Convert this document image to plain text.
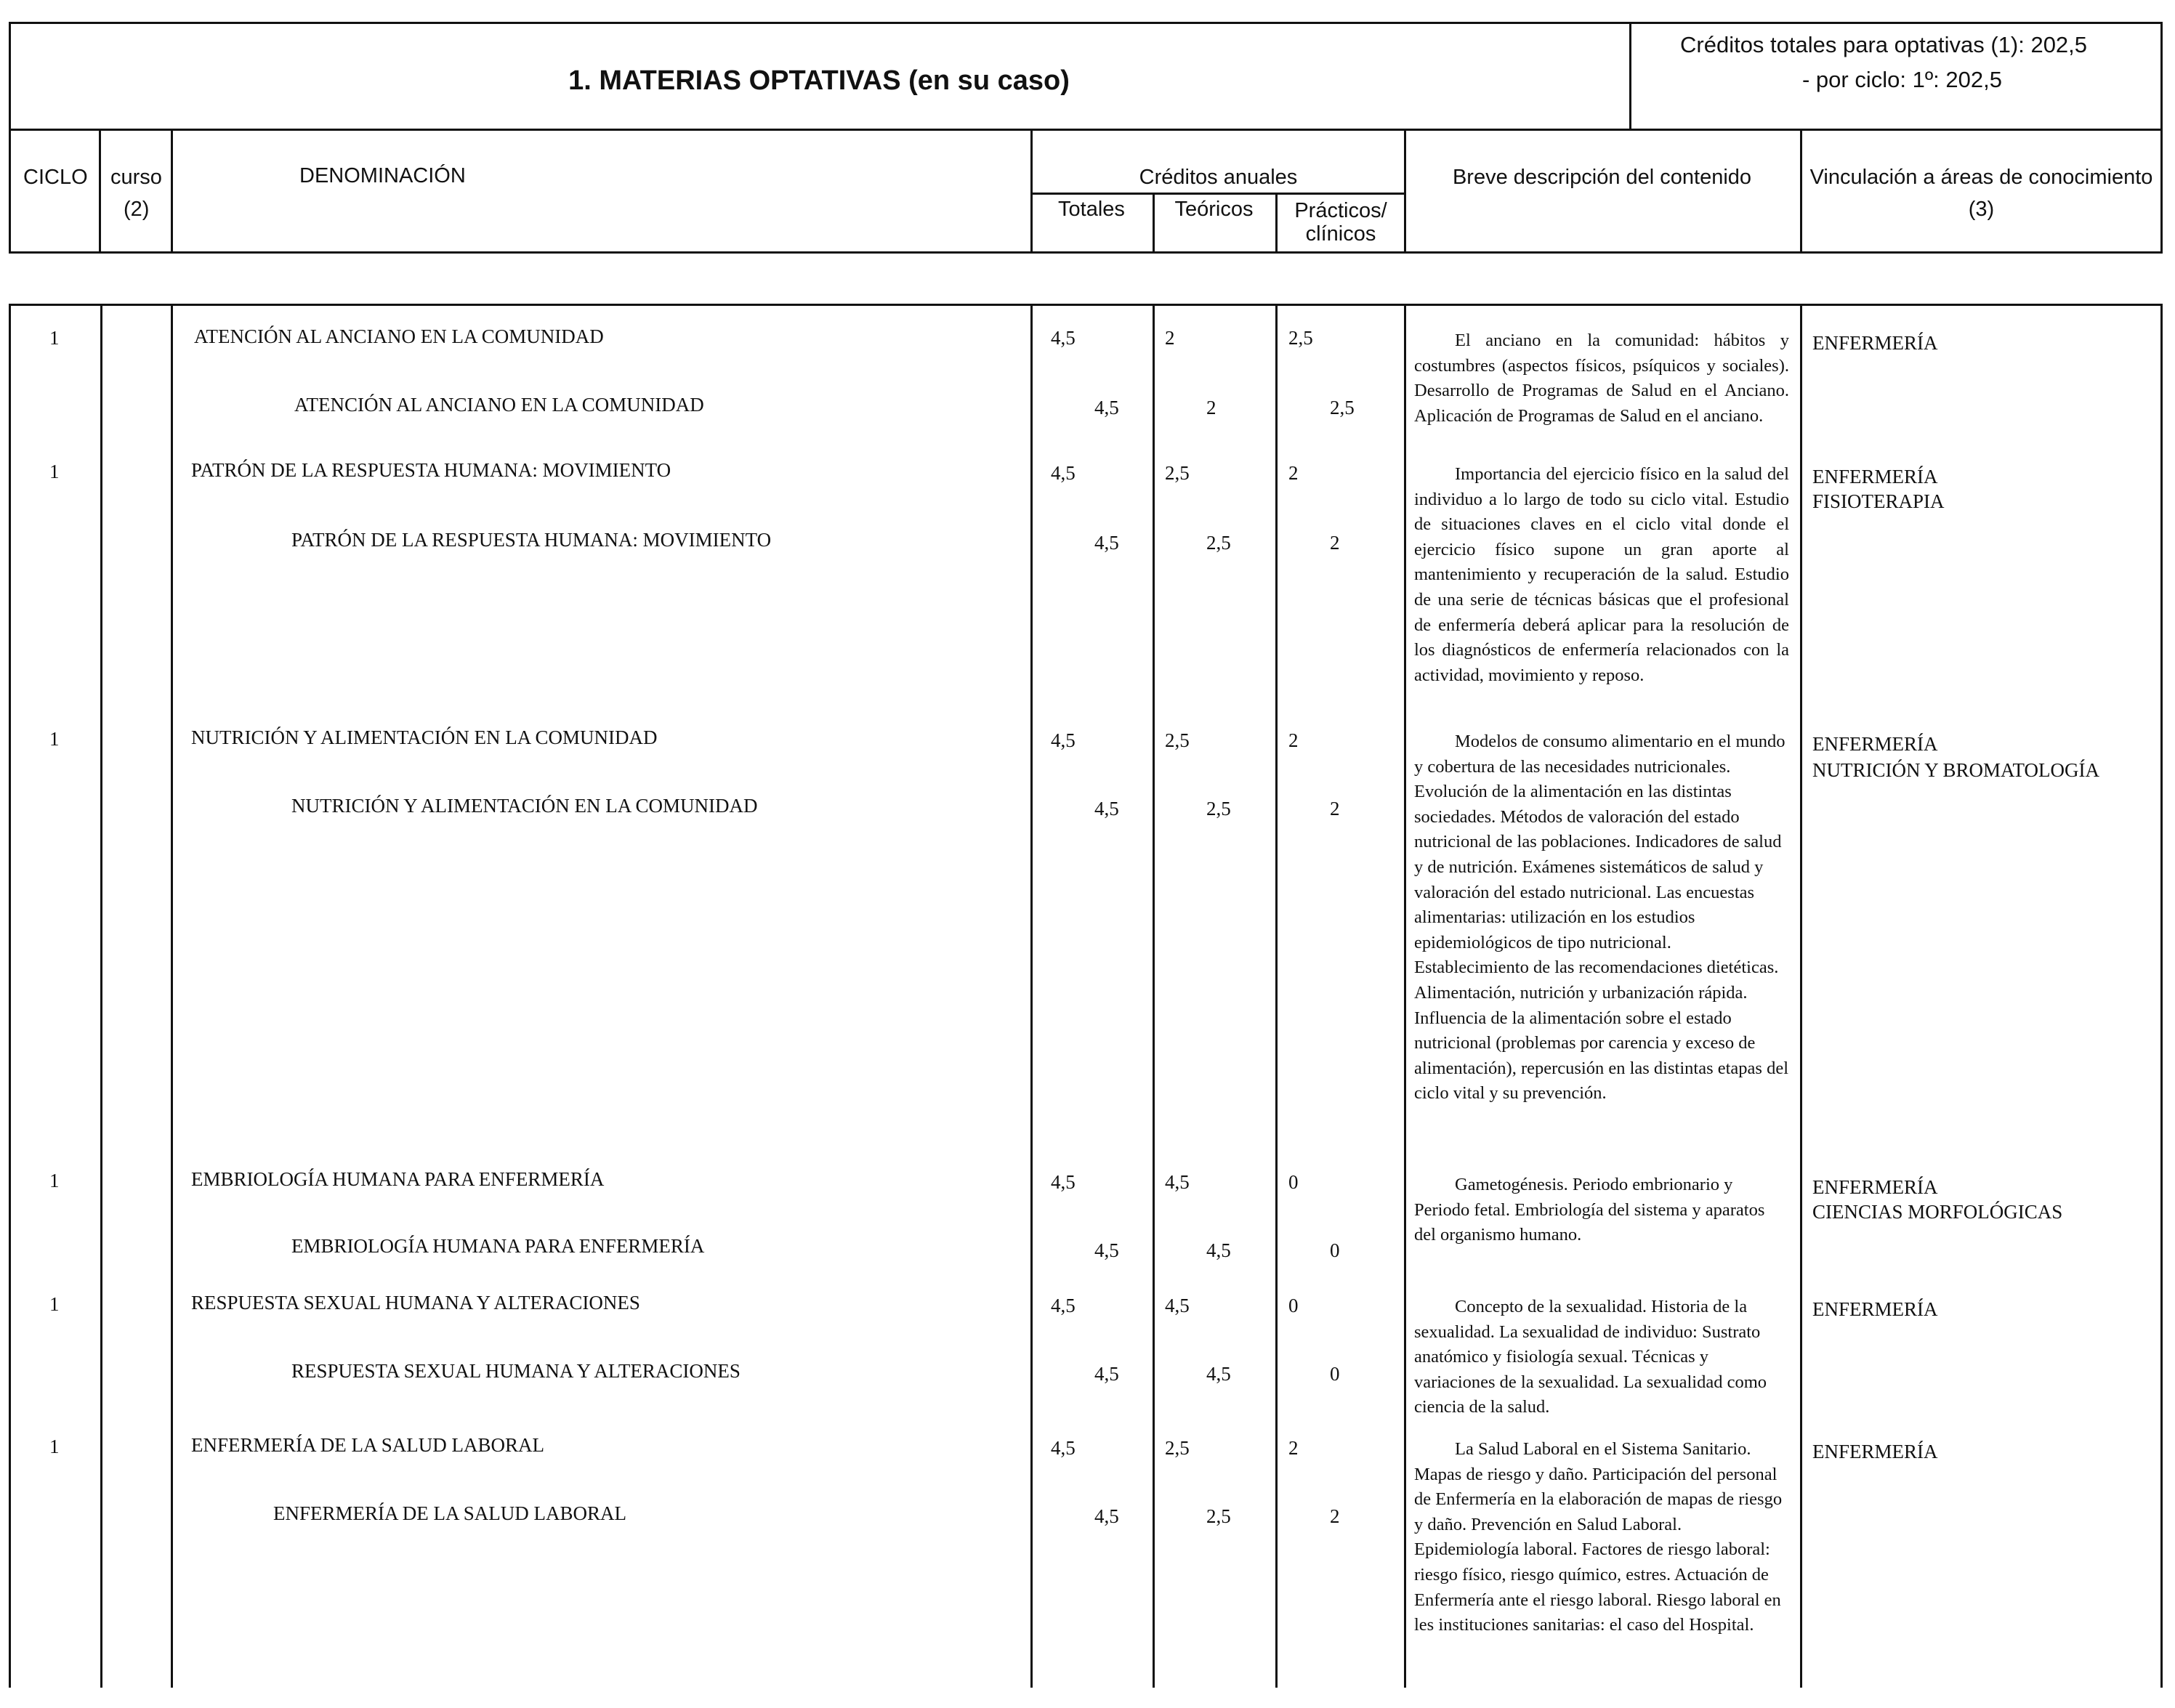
1. MATERIAS OPTATIVAS (en su caso)
Créditos totales para optativas (1): 202,5
- por ciclo: 1º: 202,5
CICLO curso
(2)
DENOMINACIÓN	Créditos anuales
Totales	Teóricos	Prácticos/
clínicos
Breve descripción del contenido	Vinculación a áreas de conocimiento
(3)
1	ATENCIÓN AL ANCIANO EN LA COMUNIDAD
ATENCIÓN AL ANCIANO EN LA COMUNIDAD
4,5	2	2,5
4,5	2	2,5
El anciano en la comunidad: hábitos y costumbres (aspectos físicos, psíquicos y sociales). Desarrollo de Programas de Salud en el Anciano. Aplicación de Programas de Salud en el anciano.
ENFERMERÍA
1	PATRÓN DE LA RESPUESTA HUMANA: MOVIMIENTO
PATRÓN DE LA RESPUESTA HUMANA: MOVIMIENTO
4,5	2,5	2
4,5	2,5	2
Importancia del ejercicio físico en la salud del individuo a lo largo de todo su ciclo vital. Estudio de situaciones claves en el ciclo vital donde el ejercicio físico supone un gran aporte al mantenimiento y recuperación de la salud. Estudio de una serie de técnicas básicas que el profesional de enfermería deberá aplicar para la resolución de los diagnósticos de enfermería relacionados con la actividad, movimiento y reposo.
ENFERMERÍA
FISIOTERAPIA
1	NUTRICIÓN Y ALIMENTACIÓN EN LA COMUNIDAD
NUTRICIÓN Y ALIMENTACIÓN EN LA COMUNIDAD
4,5	2,5	2
4,5	2,5	2
Modelos de consumo alimentario en el mundo y cobertura de las necesidades nutricionales. Evolución de la alimentación en las distintas sociedades. Métodos de valoración del estado nutricional de las poblaciones. Indicadores de salud y de nutrición. Exámenes sistemáticos de salud y valoración del estado nutricional. Las encuestas alimentarias: utilización en los estudios epidemiológicos de tipo nutricional. Establecimiento de las recomendaciones dietéticas. Alimentación, nutrición y urbanización rápida. Influencia de la alimentación sobre el estado nutricional (problemas por carencia y exceso de alimentación), repercusión en las distintas etapas del ciclo vital y su prevención.
ENFERMERÍA
NUTRICIÓN Y BROMATOLOGÍA
1	EMBRIOLOGÍA HUMANA PARA ENFERMERÍA
EMBRIOLOGÍA HUMANA PARA ENFERMERÍA
4,5	4,5	0
4,5	4,5	0
Gametogénesis. Periodo embrionario y Periodo fetal. Embriología del sistema y aparatos del organismo humano.
ENFERMERÍA
CIENCIAS MORFOLÓGICAS
1	RESPUESTA SEXUAL HUMANA Y ALTERACIONES
RESPUESTA SEXUAL HUMANA Y ALTERACIONES
4,5	4,5	0
4,5	4,5	0
Concepto de la sexualidad. Historia de la sexualidad. La sexualidad de individuo: Sustrato anatómico y fisiología sexual. Técnicas y variaciones de la sexualidad. La sexualidad como ciencia de la salud.
ENFERMERÍA
1	ENFERMERÍA DE LA SALUD LABORAL
ENFERMERÍA DE LA SALUD LABORAL
4,5	2,5	2
4,5	2,5	2
La Salud Laboral en el Sistema Sanitario. Mapas de riesgo y daño. Participación del personal de Enfermería en la elaboración de mapas de riesgo y daño. Prevención en Salud Laboral. Epidemiología laboral. Factores de riesgo laboral: riesgo físico, riesgo químico, estres. Actuación de Enfermería ante el riesgo laboral. Riesgo laboral en les instituciones sanitarias: el caso del Hospital.
ENFERMERÍA
